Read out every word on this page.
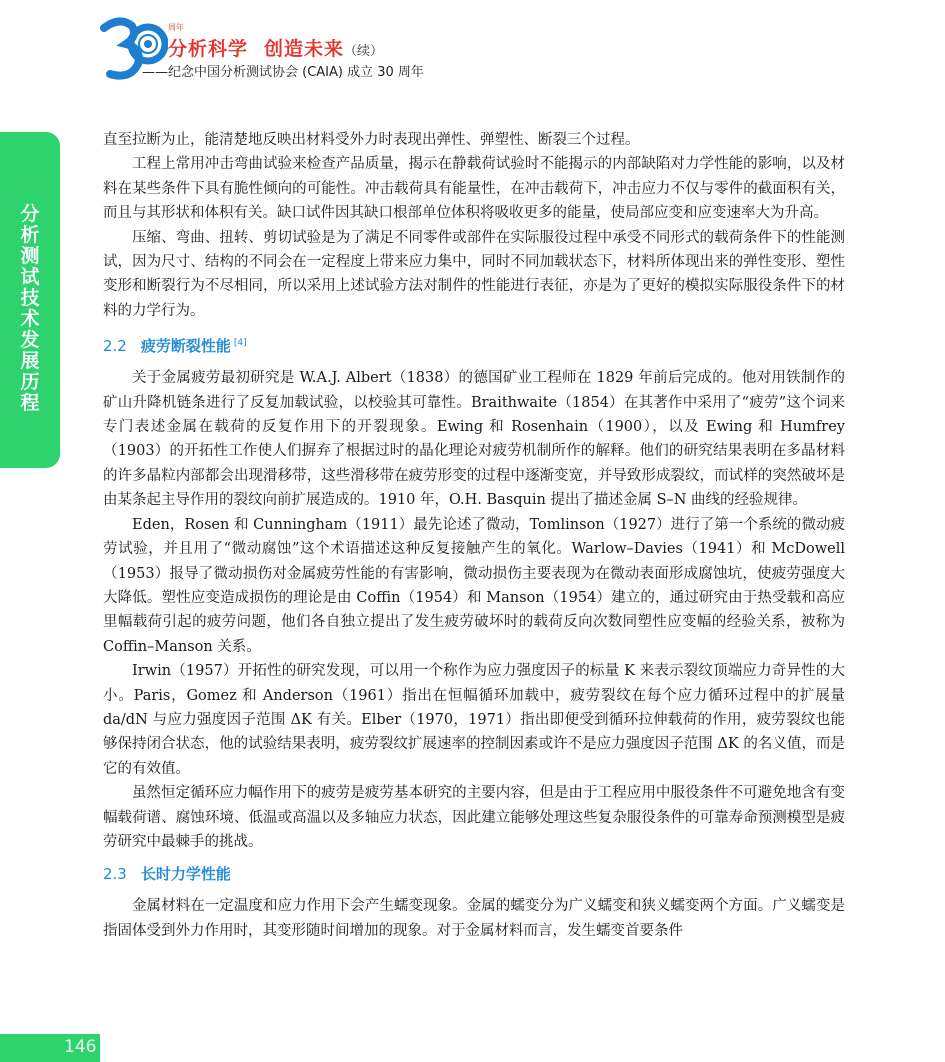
周年
分析科学 创造未来（续）
——纪念中国分析测试协会 (CAIA) 成立 30 周年
分析测试技术发展历程
146

直至拉断为止，能清楚地反映出材料受外力时表现出弹性、弹塑性、断裂三个过程。

工程上常用冲击弯曲试验来检查产品质量，揭示在静载荷试验时不能揭示的内部缺陷对力学性能的影响，以及材料在某些条件下具有脆性倾向的可能性。冲击载荷具有能量性，在冲击载荷下，冲击应力不仅与零件的截面积有关，而且与其形状和体积有关。缺口试件因其缺口根部单位体积将吸收更多的能量，使局部应变和应变速率大为升高。

压缩、弯曲、扭转、剪切试验是为了满足不同零件或部件在实际服役过程中承受不同形式的载荷条件下的性能测试，因为尺寸、结构的不同会在一定程度上带来应力集中，同时不同加载状态下，材料所体现出来的弹性变形、塑性变形和断裂行为不尽相同，所以采用上述试验方法对制件的性能进行表征，亦是为了更好的模拟实际服役条件下的材料的力学行为。

2.2 疲劳断裂性能 [4]

关于金属疲劳最初研究是 W.A.J. Albert（1838）的德国矿业工程师在 1829 年前后完成的。他对用铁制作的矿山升降机链条进行了反复加载试验，以校验其可靠性。Braithwaite（1854）在其著作中采用了“疲劳”这个词来专门表述金属在载荷的反复作用下的开裂现象。Ewing 和 Rosenhain（1900），以及 Ewing 和 Humfrey（1903）的开拓性工作使人们摒弃了根据过时的晶化理论对疲劳机制所作的解释。他们的研究结果表明在多晶材料的许多晶粒内部都会出现滑移带，这些滑移带在疲劳形变的过程中逐渐变宽，并导致形成裂纹，而试样的突然破坏是由某条起主导作用的裂纹向前扩展造成的。1910 年，O.H. Basquin 提出了描述金属 S–N 曲线的经验规律。

Eden，Rosen 和 Cunningham（1911）最先论述了微动，Tomlinson（1927）进行了第一个系统的微动疲劳试验，并且用了“微动腐蚀”这个术语描述这种反复接触产生的氧化。Warlow–Davies（1941）和 McDowell（1953）报导了微动损伤对金属疲劳性能的有害影响，微动损伤主要表现为在微动表面形成腐蚀坑，使疲劳强度大大降低。塑性应变造成损伤的理论是由 Coffin（1954）和 Manson（1954）建立的，通过研究由于热受载和高应里幅载荷引起的疲劳问题，他们各自独立提出了发生疲劳破坏时的载荷反向次数同塑性应变幅的经验关系，被称为 Coffin–Manson 关系。

Irwin（1957）开拓性的研究发现，可以用一个称作为应力强度因子的标量 K 来表示裂纹顶端应力奇异性的大小。Paris，Gomez 和 Anderson（1961）指出在恒幅循环加载中，疲劳裂纹在每个应力循环过程中的扩展量 da/dN 与应力强度因子范围 ΔK 有关。Elber（1970，1971）指出即便受到循环拉伸载荷的作用，疲劳裂纹也能够保持闭合状态，他的试验结果表明，疲劳裂纹扩展速率的控制因素或许不是应力强度因子范围 ΔK 的名义值，而是它的有效值。

虽然恒定循环应力幅作用下的疲劳是疲劳基本研究的主要内容，但是由于工程应用中服役条件不可避免地含有变幅载荷谱、腐蚀环境、低温或高温以及多轴应力状态，因此建立能够处理这些复杂服役条件的可靠寿命预测模型是疲劳研究中最棘手的挑战。

2.3 长时力学性能

金属材料在一定温度和应力作用下会产生蠕变现象。金属的蠕变分为广义蠕变和狭义蠕变两个方面。广义蠕变是指固体受到外力作用时，其变形随时间增加的现象。对于金属材料而言，发生蠕变首要条件
